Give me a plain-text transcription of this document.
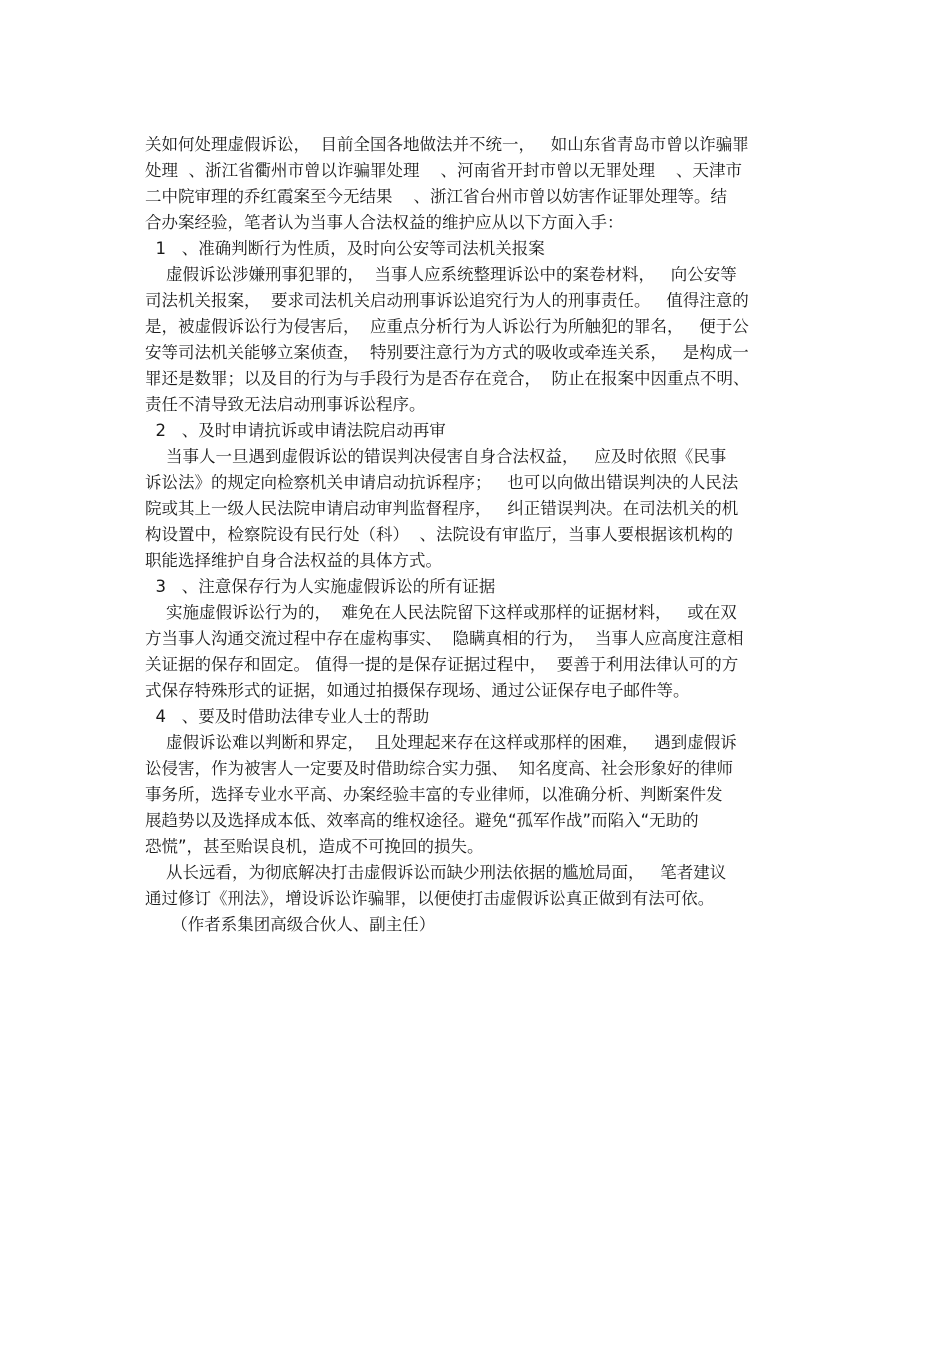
关如何处理虚假诉讼，  目前全国各地做法并不统一，   如山东省青岛市曾以诈骗罪
处理  、浙江省衢州市曾以诈骗罪处理    、河南省开封市曾以无罪处理    、天津市
二中院审理的乔红霞案至今无结果    、浙江省台州市曾以妨害作证罪处理等。结
合办案经验，笔者认为当事人合法权益的维护应从以下方面入手：
1   、准确判断行为性质，及时向公安等司法机关报案
虚假诉讼涉嫌刑事犯罪的，  当事人应系统整理诉讼中的案卷材料，   向公安等
司法机关报案，  要求司法机关启动刑事诉讼追究行为人的刑事责任。   值得注意的
是，被虚假诉讼行为侵害后，  应重点分析行为人诉讼行为所触犯的罪名，   便于公
安等司法机关能够立案侦查，  特别要注意行为方式的吸收或牵连关系，   是构成一
罪还是数罪；以及目的行为与手段行为是否存在竞合，  防止在报案中因重点不明、
责任不清导致无法启动刑事诉讼程序。
2   、及时申请抗诉或申请法院启动再审
当事人一旦遇到虚假诉讼的错误判决侵害自身合法权益，   应及时依照《民事
诉讼法》的规定向检察机关申请启动抗诉程序；   也可以向做出错误判决的人民法
院或其上一级人民法院申请启动审判监督程序，   纠正错误判决。在司法机关的机
构设置中，检察院设有民行处（科）  、法院设有审监厅，当事人要根据该机构的
职能选择维护自身合法权益的具体方式。
3   、注意保存行为人实施虚假诉讼的所有证据
实施虚假诉讼行为的，  难免在人民法院留下这样或那样的证据材料，   或在双
方当事人沟通交流过程中存在虚构事实、  隐瞒真相的行为，  当事人应高度注意相
关证据的保存和固定。 值得一提的是保存证据过程中，  要善于利用法律认可的方
式保存特殊形式的证据，如通过拍摄保存现场、通过公证保存电子邮件等。
4   、要及时借助法律专业人士的帮助
虚假诉讼难以判断和界定，  且处理起来存在这样或那样的困难，   遇到虚假诉
讼侵害，作为被害人一定要及时借助综合实力强、  知名度高、社会形象好的律师
事务所，选择专业水平高、办案经验丰富的专业律师，以准确分析、判断案件发
展趋势以及选择成本低、效率高的维权途径。避免“孤军作战”而陷入“无助的
恐慌”，甚至贻误良机，造成不可挽回的损失。
从长远看，为彻底解决打击虚假诉讼而缺少刑法依据的尴尬局面，   笔者建议
通过修订《刑法》，增设诉讼诈骗罪，以便使打击虚假诉讼真正做到有法可依。
（作者系集团高级合伙人、副主任）
